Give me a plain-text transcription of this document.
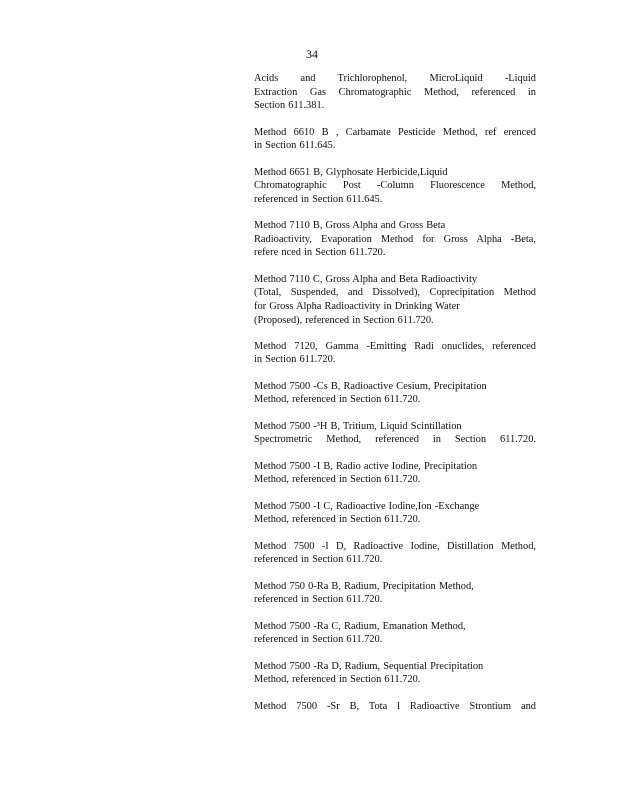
34
Acids and Trichlorophenol, MicroLiquid -Liquid
Extraction Gas Chromatographic Method, referenced in
Section 611.381.
Method 6610 B , Carbamate Pesticide Method, ref erenced
in Section 611.645.
Method 6651 B, Glyphosate Herbicide,Liquid
Chromatographic Post -Column Fluorescence Method,
referenced in Section 611.645.
Method 7110 B, Gross Alpha and Gross Beta
Radioactivity, Evaporation Method for Gross Alpha -Beta,
refere nced in Section 611.720.
Method 7110 C, Gross Alpha and Beta Radioactivity
(Total, Suspended, and Dissolved), Coprecipitation Method
for Gross Alpha Radioactivity in Drinking Water
(Proposed), referenced in Section 611.720.
Method 7120, Gamma -Emitting Radi onuclides, referenced
in Section 611.720.
Method 7500 -Cs B, Radioactive Cesium, Precipitation
Method, referenced in Section 611.720.
Method 7500 -³H B, Tritium, Liquid Scintillation
Spectrometric Method, referenced in Section 611.720.
Method 7500 -I B, Radio active Iodine, Precipitation
Method, referenced in Section 611.720.
Method 7500 -I C, Radioactive Iodine,Ion -Exchange
Method, referenced in Section 611.720.
Method 7500 -I D, Radioactive Iodine, Distillation Method,
referenced in Section 611.720.
Method 750 0-Ra B, Radium, Precipitation Method,
referenced in Section 611.720.
Method 7500 -Ra C, Radium, Emanation Method,
referenced in Section 611.720.
Method 7500 -Ra D, Radium, Sequential Precipitation
Method, referenced in Section 611.720.
Method 7500 -Sr B, Tota l Radioactive Strontium and
